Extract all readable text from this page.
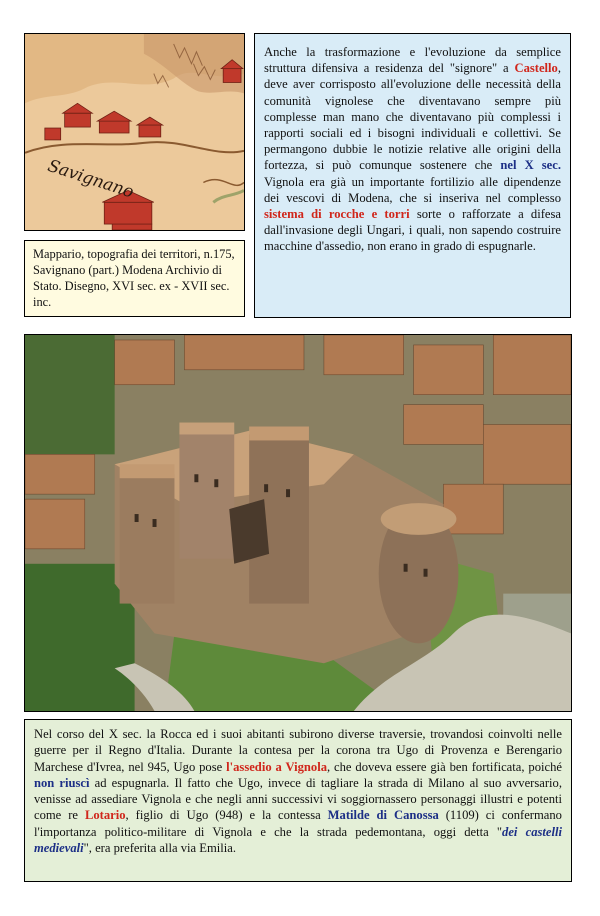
Savignano
Mappario, topografia dei territori, n.175, Savignano (part.) Modena Archivio di Stato. Disegno, XVI sec. ex - XVII sec. inc.
Anche la trasformazione e l'evoluzione da semplice struttura difensiva a residenza del "signore" a Castello, deve aver corrisposto all'evoluzione delle necessità della comunità vignolese che diventavano sempre più complesse man mano che diventavano più complessi i rapporti sociali ed i bisogni individuali e collettivi. Se permangono dubbie le notizie relative alle origini della fortezza, si può comunque sostenere che nel X sec. Vignola era già un importante fortilizio alle dipendenze dei vescovi di Modena, che si inseriva nel complesso sistema di rocche e torri sorte o rafforzate a difesa dall'invasione degli Ungari, i quali, non sapendo costruire macchine d'assedio, non erano in grado di espugnarle.
Nel corso del X sec. la Rocca ed i suoi abitanti subirono diverse traversie, trovandosi coinvolti nelle guerre per il Regno d'Italia. Durante la contesa per la corona tra Ugo di Provenza e Berengario Marchese d'Ivrea, nel 945, Ugo pose l'assedio a Vignola, che doveva essere già ben fortificata, poiché non riuscì ad espugnarla. Il fatto che Ugo, invece di tagliare la strada di Milano al suo avversario, venisse ad assediare Vignola e che negli anni successivi vi soggiornassero personaggi illustri e potenti come re Lotario, figlio di Ugo (948) e la contessa Matilde di Canossa (1109) ci confermano l'importanza politico-militare di Vignola e che la strada pedemontana, oggi detta "dei castelli medievali", era preferita alla via Emilia.
